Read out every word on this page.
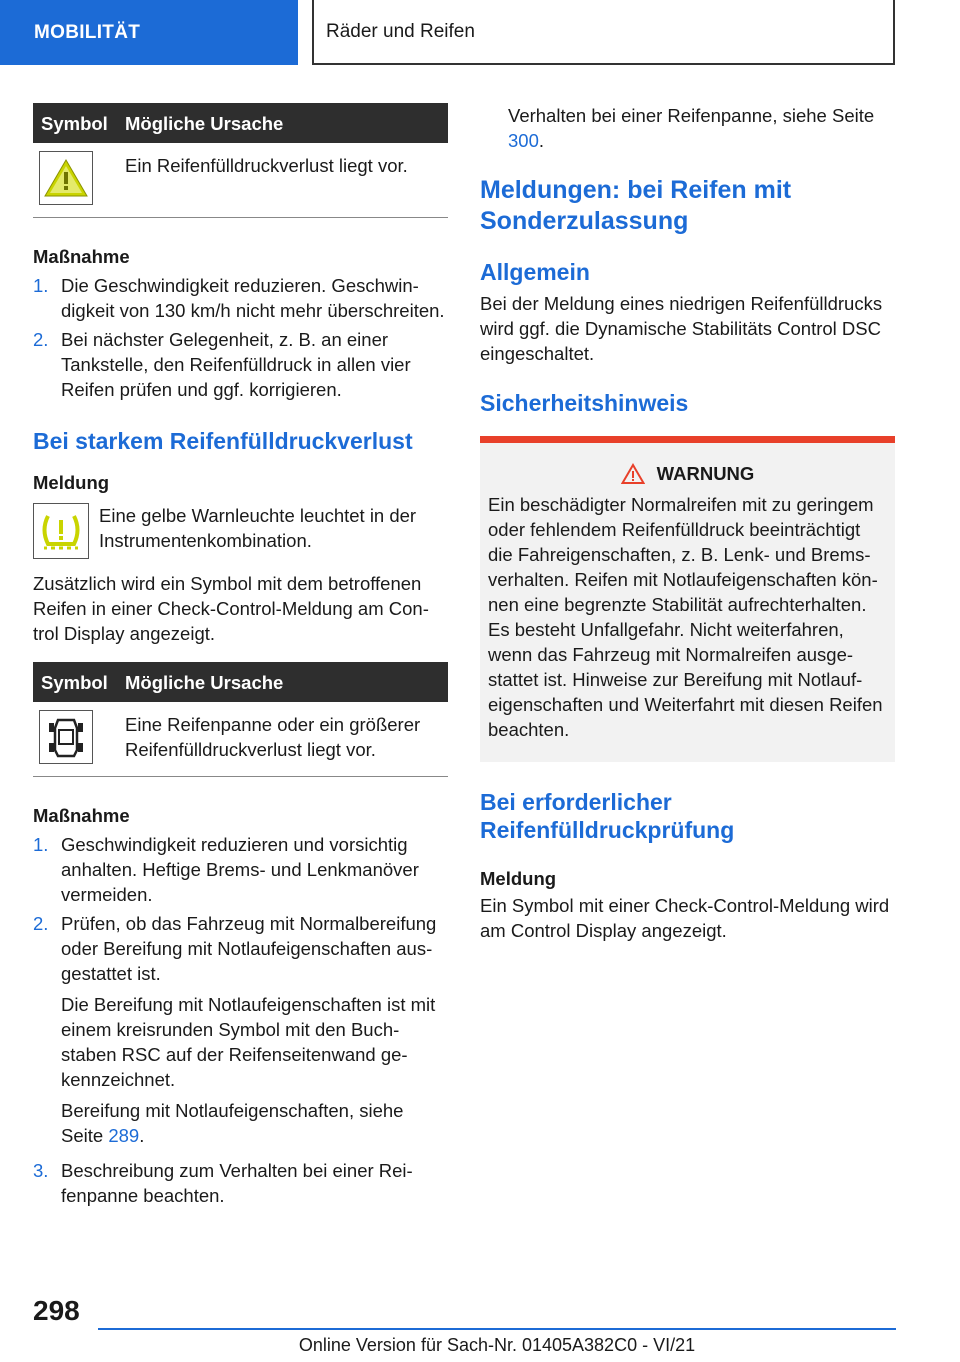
MOBILITÄT	Räder und Reifen
Symbol Mögliche Ursache
Ein Reifenfülldruckverlust liegt vor.
Maßnahme
1. Die Geschwindigkeit reduzieren. Geschwindigkeit von 130 km/h nicht mehr überschreiten.
2. Bei nächster Gelegenheit, z. B. an einer Tankstelle, den Reifenfülldruck in allen vier Reifen prüfen und ggf. korrigieren.
Bei starkem Reifenfülldruckverlust
Meldung
Eine gelbe Warnleuchte leuchtet in der Instrumentenkombination.
Zusätzlich wird ein Symbol mit dem betroffenen Reifen in einer Check-Control-Meldung am Control Display angezeigt.
Symbol Mögliche Ursache
Eine Reifenpanne oder ein größerer Reifenfülldruckverlust liegt vor.
Maßnahme
1. Geschwindigkeit reduzieren und vorsichtig anhalten. Heftige Brems- und Lenkmanöver vermeiden.
2. Prüfen, ob das Fahrzeug mit Normalbereifung oder Bereifung mit Notlaufeigenschaften ausgestattet ist.

Die Bereifung mit Notlaufeigenschaften ist mit einem kreisrunden Symbol mit den Buchstaben RSC auf der Reifenseitenwand gekennzeichnet.

Bereifung mit Notlaufeigenschaften, siehe Seite 289.

3. Beschreibung zum Verhalten bei einer Reifenpanne beachten.
Verhalten bei einer Reifenpanne, siehe Seite 300.
Meldungen: bei Reifen mit Sonderzulassung
Allgemein
Bei der Meldung eines niedrigen Reifenfülldrucks wird ggf. die Dynamische Stabilitäts Control DSC eingeschaltet.
Sicherheitshinweis
WARNUNG
Ein beschädigter Normalreifen mit zu geringem oder fehlendem Reifenfülldruck beeinträchtigt die Fahreigenschaften, z. B. Lenk- und Bremsverhalten. Reifen mit Notlaufeigenschaften können eine begrenzte Stabilität aufrechterhalten. Es besteht Unfallgefahr. Nicht weiterfahren, wenn das Fahrzeug mit Normalreifen ausgestattet ist. Hinweise zur Bereifung mit Notlaufeigenschaften und Weiterfahrt mit diesen Reifen beachten.
Bei erforderlicher Reifenfülldruckprüfung
Meldung
Ein Symbol mit einer Check-Control-Meldung wird am Control Display angezeigt.
298
Online Version für Sach-Nr. 01405A382C0 - VI/21
